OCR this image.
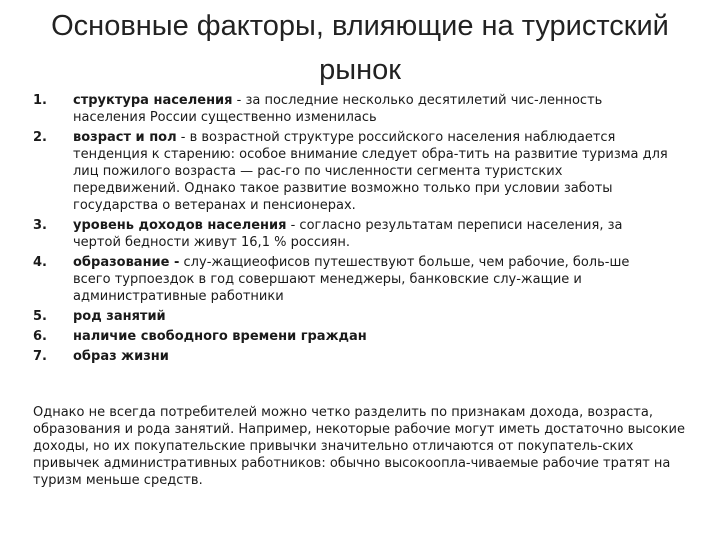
Основные факторы, влияющие на туристский рынок
1.	структура населения - за последние несколько десятилетий чис-ленность населения России существенно изменилась
2.	возраст и пол - в возрастной структуре российского населения наблюдается тенденция к старению: особое внимание следует обра-тить на развитие туризма для лиц пожилого возраста — рас-го по численности сегмента туристских передвижений. Однако такое развитие возможно только при условии заботы государства о ветеранах и пенсионерах.
3.	уровень доходов населения - согласно результатам переписи населения, за чертой бедности живут 16,1 % россиян.
4.	образование - слу-жащиеофисов путешествуют больше, чем рабочие, боль-ше всего турпоездок в год совершают менеджеры, банковские слу-жащие и административные работники
5.	род занятий
6.	наличие свободного времени граждан
7.	образ жизни
Однако не всегда потребителей можно четко разделить по признакам дохода, возраста, образования и рода занятий. Например, некоторые рабочие могут иметь достаточно высокие доходы, но их покупательские привычки значительно отличаются от покупатель-ских привычек административных работников: обычно высокоопла-чиваемые рабочие тратят на туризм меньше средств.
